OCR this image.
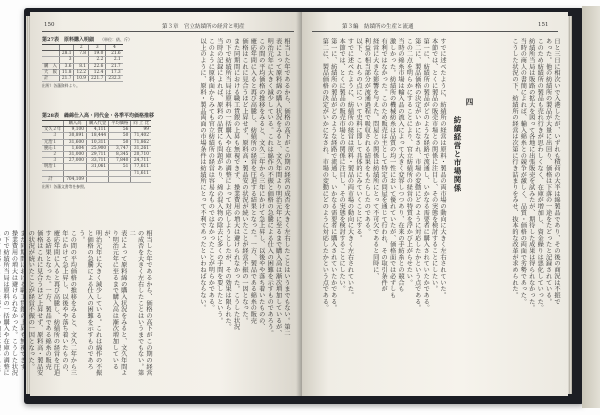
150	第３章　官立紡績所の経営と明産
第27表　原料購入明細 （単位：俵、斤）
		2	3	4
	28.1	7.8	19.0	21.6
	3		2.2	2.1
購　入	3.6	8.1	22.6	21.7
大　阪	11.8	12.2	12.4	17.3
計	21.7	10.9	221.7	232.3
出所）各藩資料より。
第28表　繰綿仕入高・同代金・各季平均価格推移
	購入高	購入代金	平均価格	同 上 比
文久２年	9,100	4,111	56	99
　　３	30,891	18,444	50	71,402
元治１	31,600	10,311	50	71,862
慶応１	1,604	25,900	3,747	31,261
　　２	31,000	29,711	8,345	20,710
　　３	27,000	33,711	7,840	24,711
明治１		31,061	51	77,611
				71,611
　計	704,109			
出所）各藩文書等を参照。	相当した年であるから、価格の高下がこの期の経営の成否を大きく左右したことはいうまでもない。第二

表によって原料綿の購入状況をみると、文久年間より明治元年に至るまで購入高は漸次増加しているが、

明治元年に大きく減少している。これは綿作の不振と価格の急騰による仕入の困難を示すものであろう。

この間の平均価格の推移をみると、文久二年から三年にかけて急上昇し、以後やや落ち着いたものの、

慶応年間に入ると再び高騰し、紡績所の経営を圧迫する結果となった。一方、製品である綿糸の販売

価格はこれに見合うほど上昇せず、原料高・製品安の状況が続いたことが経営不振の一因となった。

また同期間における職工賃銀の上昇も無視できず、操業費用の増大は避けられなかった。こうした状況

の下で紡績所当局は原料の一括購入や在庫の調整によって対応しようとしたが、その効果は限られた。

当時の記録によれば、原料の品質にも問題があり、綿の混入物の除去に多くの手間を要したという。

このように原料面からみても官立紡績所の経営は容易なものではなかったことが明らかである。

以上のように、原料・製品両面の市場条件は紡績所にとって不利であったといわねばならない。

相当した年であるから、価格の高下がこの期の経営の成否を大きく左右したことはいうまでもない。第二

表によって原料綿の購入状況をみると、文久年間より明治元年に至るまで購入高は漸次増加しているが、

明治元年に大きく減少している。これは綿作の不振と価格の急騰による仕入の困難を示すものであろう。

この間の平均価格の推移をみると、文久二年から三年にかけて急上昇し、以後やや落ち着いたものの、

慶応年間に入ると再び高騰し、紡績所の経営を圧迫する結果となった。一方、製品である綿糸の販売

価格はこれに見合うほど上昇せず、原料高・製品安の状況が続いたことが経営不振の一因となった。

また同期間における職工賃銀の上昇も無視できず、操業費用の増大は避けられなかった。こうした状況

の下で紡績所当局は原料の一括購入や在庫の調整に

第３編　紡績所の生産と流通	151

日と三日に相次いで入港したが、いずれも積荷の大半は綿製品であり、その後の商況は不振で

あった。他の紡績所の製品が大量に出回り、価格は下落の一途をたどったと記録されている。

このため紡績所の製品も売れ行きが思わしくなく、在庫が増加し、資金繰りは悪化していった。

紡績所当局は販路の拡大を図って各地に出張販売を試みたが、期待した成果は得られなかった。

当時の商人の書簡によれば、輸入綿糸との競争が激しく、品質・価格の両面で劣勢であった。

こうした状況の下、紡績所の経営は次第に行き詰まりをみせ、抜本的な改革が求められた。

四
紡績経営と市場関係

すでに述べたように、紡績所の経営は原料・製品の両市場の動向に大きく左右されていた。

本節では、とくに製品の販売市場との関係に注目し、その実態を検討することにしたい。

第一に、紡績所の製品がどのような経路で流通し、いかなる需要者に購入されていたかである。

第二に、製品価格の決定がいかになされ、市場の変動にどのように対応したかという点である。

この二点を明らかにすることにより、官立紡績所の経営の特質を浮かび上がらせたい。

当時の綿糸市場は輸入品の流入によって大きく変容しつつあり、在来の手紡糸との競合も

激しかった。紡績所の機械紡糸は品質の均一性において優れていたが、価格面では必ずしも

有利ではなかった。このため販売は主として特定の問屋を通じて行われ、その取引条件が

経営に大きな影響を与えた。問屋との関係は紡績所にとって不可欠であると同時に、

利益の相当部分が流通過程で吸収される結果をもたらしたのである。

以下、これらの点について史料に即して具体的にみていくことにする。

すでに述べたように、紡績所の経営は原料・製品の両市場の動向に大きく左右されていた。

本節では、とくに製品の販売市場との関係に注目し、その実態を検討することにしたい。

第一に、紡績所の製品がどのような経路で流通し、いかなる需要者に購入されていたかである。

第二に、製品価格の決定がいかになされ、市場の変動にどのように対応したかという点である。
